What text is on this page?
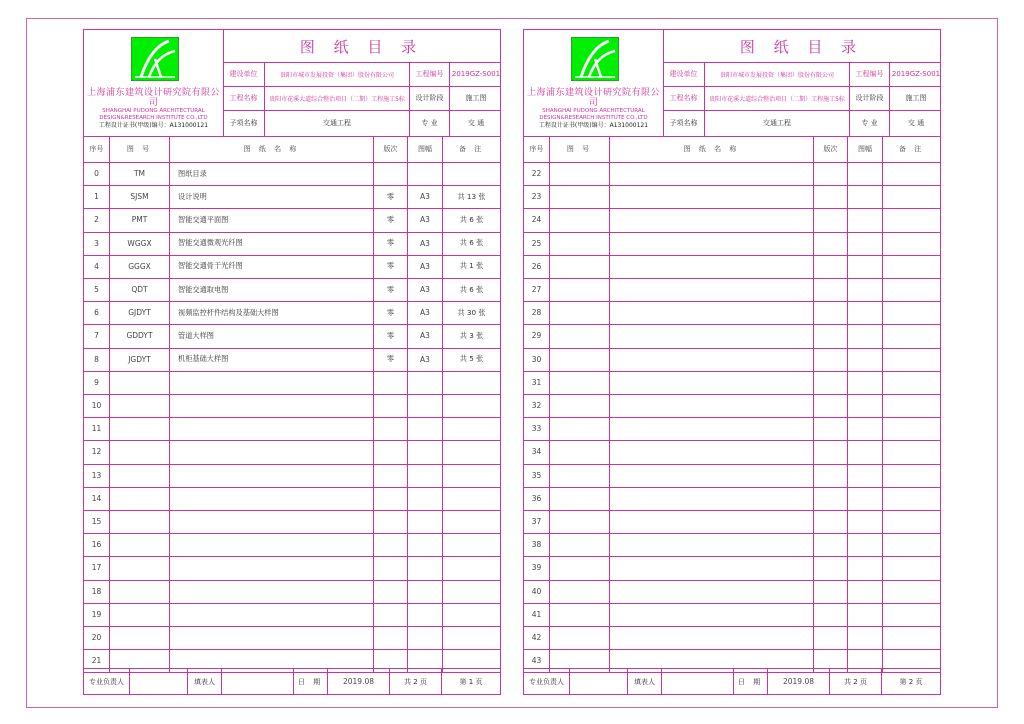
上海浦东建筑设计研究院有限公司
SHANGHAI PUDONG ARCHITECTURAL
DESIGN&RESEARCH INSTITUTE CO.,LTD
工程设计证书(甲级)编号：A131000121
图 纸 目 录
建设单位	贵阳市城市发展投资（集团）股份有限公司	工程编号	2019GZ-S001
工程名称	贵阳市花溪大道综合整治项目（二期）工程施工5标	设计阶段	施工图
子项名称	交通工程	专 业	交 通
序号	图 号	图 纸 名 称	版次	图幅	备 注
0	TM	图纸目录
1	SJSM	设计说明	零	A3	共 13 张
2	PMT	智能交通平面图	零	A3	共 6 张
3	WGGX	智能交通微观光纤图	零	A3	共 6 张
4	GGGX	智能交通骨干光纤图	零	A3	共 1 张
5	QDT	智能交通取电图	零	A3	共 6 张
6	GJDYT	视频监控杆件结构及基础大样图	零	A3	共 30 张
7	GDDYT	管道大样图	零	A3	共 3 张
8	JGDYT	机柜基础大样图	零	A3	共 5 张
9
10
11
12
13
14
15
16
17
18
19
20
21
专业负责人	填表人	日 期	2019.08	共 2 页	第 1 页
上海浦东建筑设计研究院有限公司
SHANGHAI PUDONG ARCHITECTURAL
DESIGN&RESEARCH INSTITUTE CO.,LTD
工程设计证书(甲级)编号：A131000121
图 纸 目 录
建设单位	贵阳市城市发展投资（集团）股份有限公司	工程编号	2019GZ-S001
工程名称	贵阳市花溪大道综合整治项目（二期）工程施工5标	设计阶段	施工图
子项名称	交通工程	专 业	交 通
序号	图 号	图 纸 名 称	版次	图幅	备 注
22
23
24
25
26
27
28
29
30
31
32
33
34
35
36
37
38
39
40
41
42
43
专业负责人	填表人	日 期	2019.08	共 2 页	第 2 页
